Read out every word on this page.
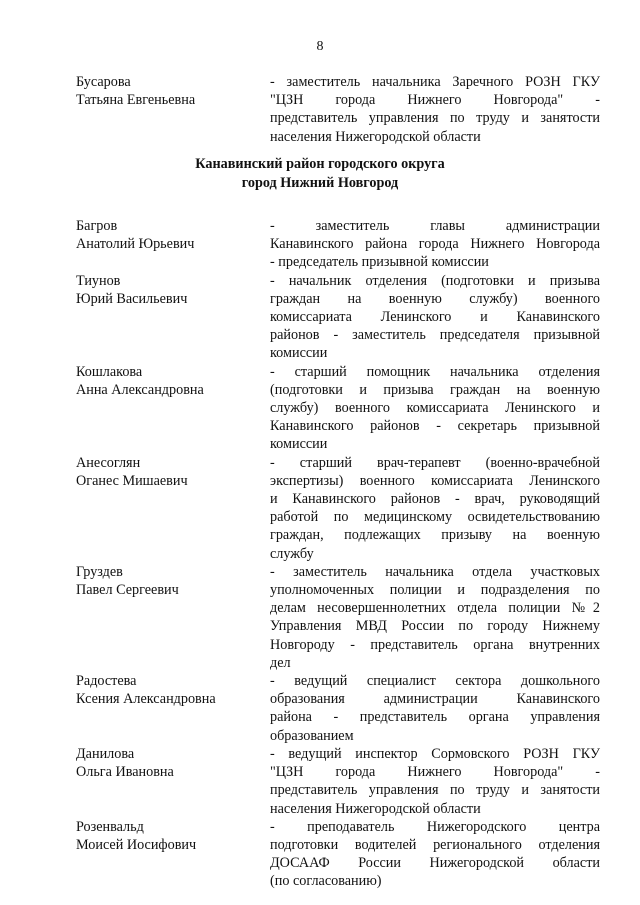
8
Бусарова
Татьяна Евгеньевна
- заместитель начальника Заречного РОЗН ГКУ
"ЦЗН города Нижнего Новгорода" -
представитель управления по труду и занятости
населения Нижегородской области
Канавинский район городского округа
город Нижний Новгород
Багров
Анатолий Юрьевич
- заместитель главы администрации
Канавинского района города Нижнего Новгорода
- председатель призывной комиссии
Тиунов
Юрий Васильевич
- начальник отделения (подготовки и призыва
граждан на военную службу) военного
комиссариата Ленинского и Канавинского
районов - заместитель председателя призывной
комиссии
Кошлакова
Анна Александровна
- старший помощник начальника отделения
(подготовки и призыва граждан на военную
службу) военного комиссариата Ленинского и
Канавинского районов - секретарь призывной
комиссии
Анесоглян
Оганес Мишаевич
- старший врач-терапевт (военно-врачебной
экспертизы) военного комиссариата Ленинского
и Канавинского районов - врач, руководящий
работой по медицинскому освидетельствованию
граждан, подлежащих призыву на военную
службу
Груздев
Павел Сергеевич
- заместитель начальника отдела участковых
уполномоченных полиции и подразделения по
делам несовершеннолетних отдела полиции №2
Управления МВД России по городу Нижнему
Новгороду - представитель органа внутренних
дел
Радостева
Ксения Александровна
- ведущий специалист сектора дошкольного
образования администрации Канавинского
района - представитель органа управления
образованием
Данилова
Ольга Ивановна
- ведущий инспектор Сормовского РОЗН ГКУ
"ЦЗН города Нижнего Новгорода" -
представитель управления по труду и занятости
населения Нижегородской области
Розенвальд
Моисей Иосифович
- преподаватель Нижегородского центра
подготовки водителей регионального отделения
ДОСААФ России Нижегородской области
(по согласованию)
